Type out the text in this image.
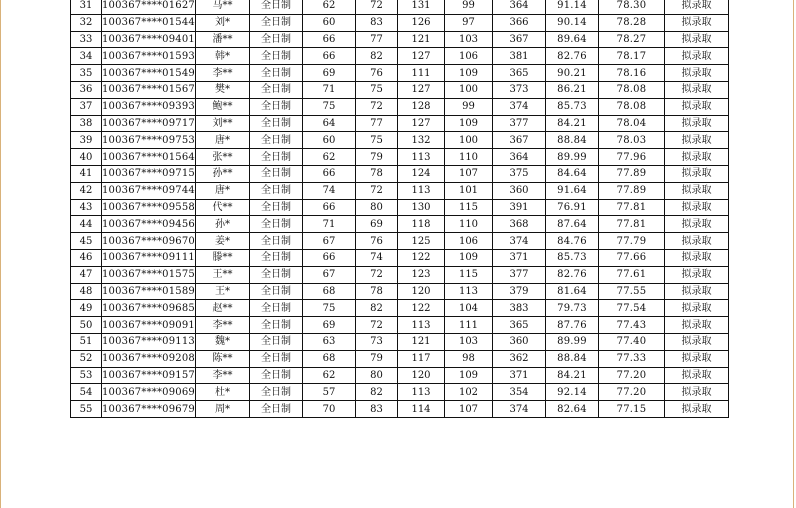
31	100367****01627	马**	全日制	62	72	131	99	364	91.14	78.30	拟录取
32	100367****01544	刘*	全日制	60	83	126	97	366	90.14	78.28	拟录取
33	100367****09401	潘**	全日制	66	77	121	103	367	89.64	78.27	拟录取
34	100367****01593	韩*	全日制	66	82	127	106	381	82.76	78.17	拟录取
35	100367****01549	李**	全日制	69	76	111	109	365	90.21	78.16	拟录取
36	100367****01567	樊*	全日制	71	75	127	100	373	86.21	78.08	拟录取
37	100367****09393	鲍**	全日制	75	72	128	99	374	85.73	78.08	拟录取
38	100367****09717	刘**	全日制	64	77	127	109	377	84.21	78.04	拟录取
39	100367****09753	唐*	全日制	60	75	132	100	367	88.84	78.03	拟录取
40	100367****01564	张**	全日制	62	79	113	110	364	89.99	77.96	拟录取
41	100367****09715	孙**	全日制	66	78	124	107	375	84.64	77.89	拟录取
42	100367****09744	唐*	全日制	74	72	113	101	360	91.64	77.89	拟录取
43	100367****09558	代**	全日制	66	80	130	115	391	76.91	77.81	拟录取
44	100367****09456	孙*	全日制	71	69	118	110	368	87.64	77.81	拟录取
45	100367****09670	姜*	全日制	67	76	125	106	374	84.76	77.79	拟录取
46	100367****09111	滕**	全日制	66	74	122	109	371	85.73	77.66	拟录取
47	100367****01575	王**	全日制	67	72	123	115	377	82.76	77.61	拟录取
48	100367****01589	王*	全日制	68	78	120	113	379	81.64	77.55	拟录取
49	100367****09685	赵**	全日制	75	82	122	104	383	79.73	77.54	拟录取
50	100367****09091	李**	全日制	69	72	113	111	365	87.76	77.43	拟录取
51	100367****09113	魏*	全日制	63	73	121	103	360	89.99	77.40	拟录取
52	100367****09208	陈**	全日制	68	79	117	98	362	88.84	77.33	拟录取
53	100367****09157	李**	全日制	62	80	120	109	371	84.21	77.20	拟录取
54	100367****09069	杜*	全日制	57	82	113	102	354	92.14	77.20	拟录取
55	100367****09679	周*	全日制	70	83	114	107	374	82.64	77.15	拟录取
